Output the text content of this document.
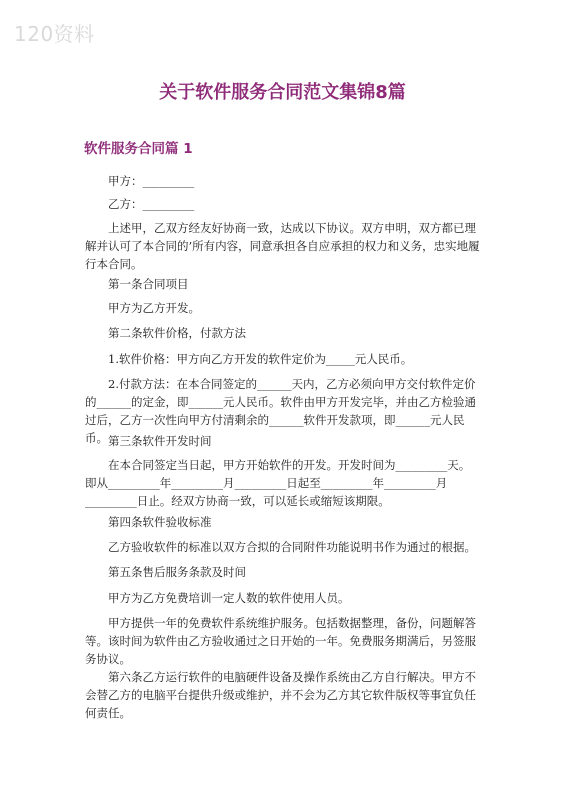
120资料
关于软件服务合同范文集锦8篇
软件服务合同篇 1

甲方：_________

乙方：_________

上述甲，乙双方经友好协商一致，达成以下协议。双方申明，双方都已理解并认可了本合同的’所有内容，同意承担各自应承担的权力和义务，忠实地履行本合同。

第一条合同项目

甲方为乙方开发。

第二条软件价格，付款方法

1.软件价格：甲方向乙方开发的软件定价为_____元人民币。

2.付款方法：在本合同签定的______天内，乙方必须向甲方交付软件定价的______的定金，即______元人民币。软件由甲方开发完毕，并由乙方检验通过后，乙方一次性向甲方付清剩余的______软件开发款项，即______元人民币。 第三条软件开发时间

在本合同签定当日起，甲方开始软件的开发。开发时间为_________天。即从_________年_________月_________日起至_________年_________月_________日止。经双方协商一致，可以延长或缩短该期限。

第四条软件验收标准

乙方验收软件的标准以双方合拟的合同附件功能说明书作为通过的根据。

第五条售后服务条款及时间

甲方为乙方免费培训一定人数的软件使用人员。

甲方提供一年的免费软件系统维护服务。包括数据整理，备份，问题解答等。该时间为软件由乙方验收通过之日开始的一年。免费服务期满后，另签服务协议。

第六条乙方运行软件的电脑硬件设备及操作系统由乙方自行解决。甲方不会替乙方的电脑平台提供升级或维护，并不会为乙方其它软件版权等事宜负任何责任。
